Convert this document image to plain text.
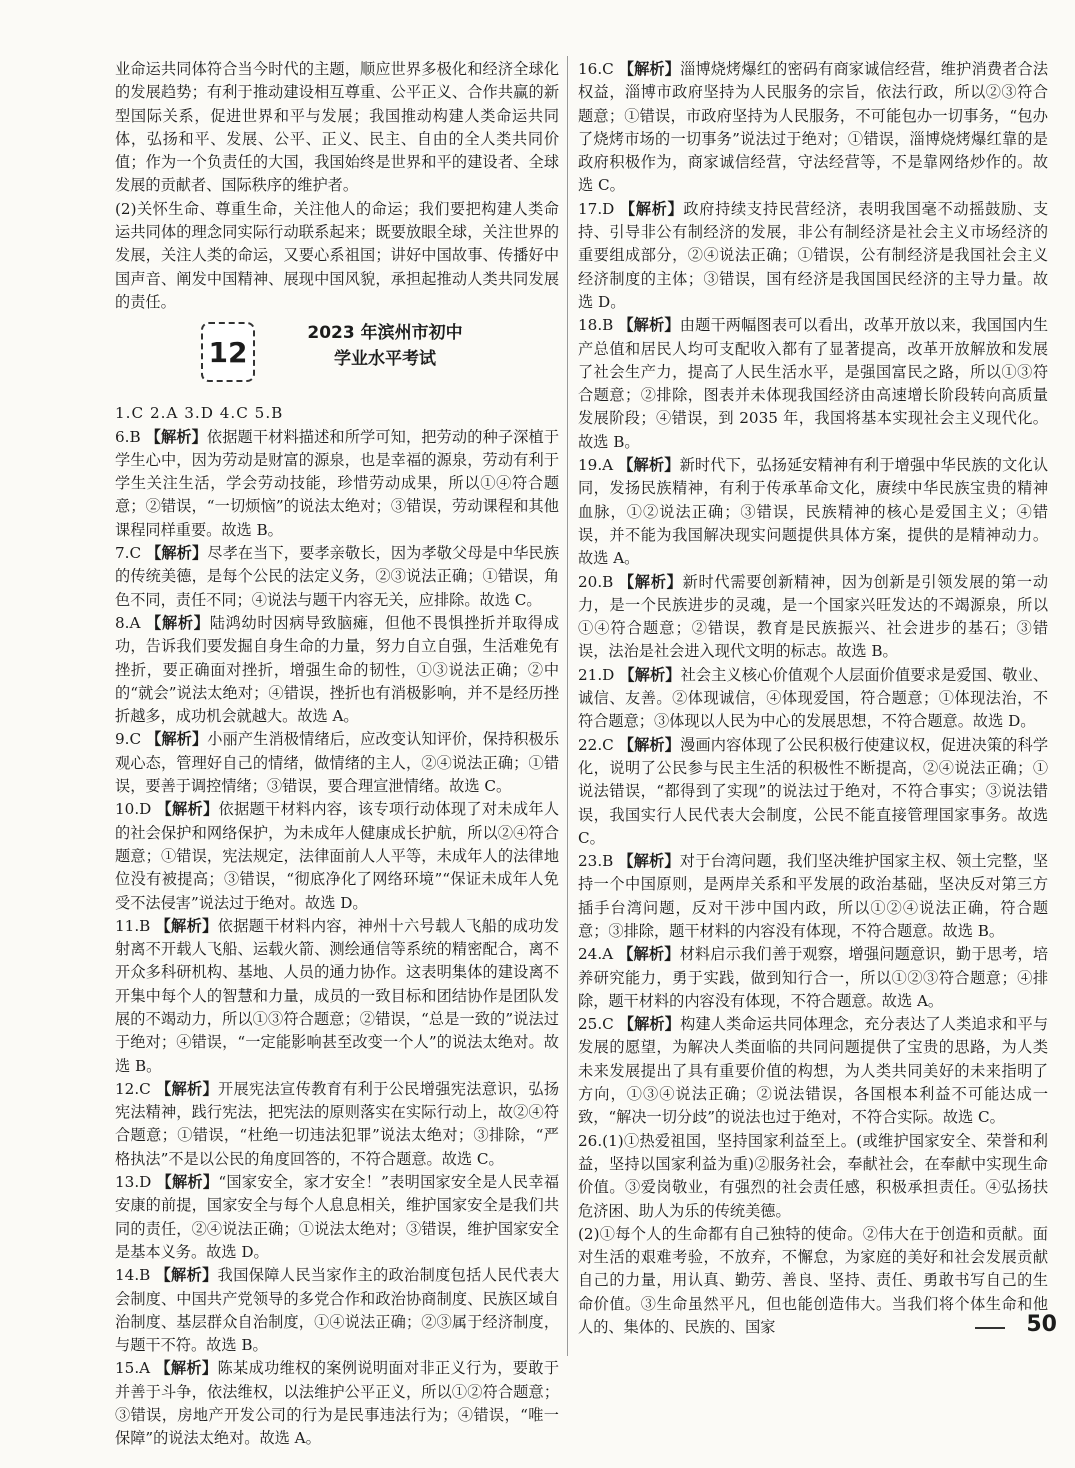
业命运共同体符合当今时代的主题，顺应世界多极化和经济全球化的发展趋势；有利于推动建设相互尊重、公平正义、合作共赢的新型国际关系，促进世界和平与发展；我国推动构建人类命运共同体，弘扬和平、发展、公平、正义、民主、自由的全人类共同价值；作为一个负责任的大国，我国始终是世界和平的建设者、全球发展的贡献者、国际秩序的维护者。

(2)关怀生命、尊重生命，关注他人的命运；我们要把构建人类命运共同体的理念同实际行动联系起来；既要放眼全球，关注世界的发展，关注人类的命运，又要心系祖国；讲好中国故事、传播好中国声音、阐发中国精神、展现中国风貌，承担起推动人类共同发展的责任。

12
2023 年滨州市初中
学业水平考试

1.C 2.A 3.D 4.C 5.B

6.B 【解析】依据题干材料描述和所学可知，把劳动的种子深植于学生心中，因为劳动是财富的源泉，也是幸福的源泉，劳动有利于学生关注生活，学会劳动技能，珍惜劳动成果，所以①④符合题意；②错误，“一切烦恼”的说法太绝对；③错误，劳动课程和其他课程同样重要。故选 B。

7.C 【解析】尽孝在当下，要孝亲敬长，因为孝敬父母是中华民族的传统美德，是每个公民的法定义务，②③说法正确；①错误，角色不同，责任不同；④说法与题干内容无关，应排除。故选 C。

8.A 【解析】陆鸿幼时因病导致脑瘫，但他不畏惧挫折并取得成功，告诉我们要发掘自身生命的力量，努力自立自强，生活难免有挫折，要正确面对挫折，增强生命的韧性，①③说法正确；②中的“就会”说法太绝对；④错误，挫折也有消极影响，并不是经历挫折越多，成功机会就越大。故选 A。

9.C 【解析】小丽产生消极情绪后，应改变认知评价，保持积极乐观心态，管理好自己的情绪，做情绪的主人，②④说法正确；①错误，要善于调控情绪；③错误，要合理宣泄情绪。故选 C。

10.D 【解析】依据题干材料内容，该专项行动体现了对未成年人的社会保护和网络保护，为未成年人健康成长护航，所以②④符合题意；①错误，宪法规定，法律面前人人平等，未成年人的法律地位没有被提高；③错误，“彻底净化了网络环境”“保证未成年人免受不法侵害”说法过于绝对。故选 D。

11.B 【解析】依据题干材料内容，神州十六号载人飞船的成功发射离不开载人飞船、运载火箭、测绘通信等系统的精密配合，离不开众多科研机构、基地、人员的通力协作。这表明集体的建设离不开集中每个人的智慧和力量，成员的一致目标和团结协作是团队发展的不竭动力，所以①③符合题意；②错误，“总是一致的”说法过于绝对；④错误，“一定能影响甚至改变一个人”的说法太绝对。故选 B。

12.C 【解析】开展宪法宣传教育有利于公民增强宪法意识，弘扬宪法精神，践行宪法，把宪法的原则落实在实际行动上，故②④符合题意；①错误，“杜绝一切违法犯罪”说法太绝对；③排除，“严格执法”不是以公民的角度回答的，不符合题意。故选 C。

13.D 【解析】“国家安全，家才安全！”表明国家安全是人民幸福安康的前提，国家安全与每个人息息相关，维护国家安全是我们共同的责任，②④说法正确；①说法太绝对；③错误，维护国家安全是基本义务。故选 D。

14.B 【解析】我国保障人民当家作主的政治制度包括人民代表大会制度、中国共产党领导的多党合作和政治协商制度、民族区域自治制度、基层群众自治制度，①④说法正确；②③属于经济制度，与题干不符。故选 B。

15.A 【解析】陈某成功维权的案例说明面对非正义行为，要敢于并善于斗争，依法维权，以法维护公平正义，所以①②符合题意；③错误，房地产开发公司的行为是民事违法行为；④错误，“唯一保障”的说法太绝对。故选 A。

16.C 【解析】淄博烧烤爆红的密码有商家诚信经营，维护消费者合法权益，淄博市政府坚持为人民服务的宗旨，依法行政，所以②③符合题意；①错误，市政府坚持为人民服务，不可能包办一切事务，“包办了烧烤市场的一切事务”说法过于绝对；①错误，淄博烧烤爆红靠的是政府积极作为，商家诚信经营，守法经营等，不是靠网络炒作的。故选 C。

17.D 【解析】政府持续支持民营经济，表明我国毫不动摇鼓励、支持、引导非公有制经济的发展，非公有制经济是社会主义市场经济的重要组成部分，②④说法正确；①错误，公有制经济是我国社会主义经济制度的主体；③错误，国有经济是我国国民经济的主导力量。故选 D。

18.B 【解析】由题干两幅图表可以看出，改革开放以来，我国国内生产总值和居民人均可支配收入都有了显著提高，改革开放解放和发展了社会生产力，提高了人民生活水平，是强国富民之路，所以①③符合题意；②排除，图表并未体现我国经济由高速增长阶段转向高质量发展阶段；④错误，到 2035 年，我国将基本实现社会主义现代化。故选 B。

19.A 【解析】新时代下，弘扬延安精神有利于增强中华民族的文化认同，发扬民族精神，有利于传承革命文化，赓续中华民族宝贵的精神血脉，①②说法正确；③错误，民族精神的核心是爱国主义；④错误，并不能为我国解决现实问题提供具体方案，提供的是精神动力。故选 A。

20.B 【解析】新时代需要创新精神，因为创新是引领发展的第一动力，是一个民族进步的灵魂，是一个国家兴旺发达的不竭源泉，所以①④符合题意；②错误，教育是民族振兴、社会进步的基石；③错误，法治是社会进入现代文明的标志。故选 B。

21.D 【解析】社会主义核心价值观个人层面价值要求是爱国、敬业、诚信、友善。②体现诚信，④体现爱国，符合题意；①体现法治，不符合题意；③体现以人民为中心的发展思想，不符合题意。故选 D。

22.C 【解析】漫画内容体现了公民积极行使建议权，促进决策的科学化，说明了公民参与民主生活的积极性不断提高，②④说法正确；①说法错误，“都得到了实现”的说法过于绝对，不符合事实；③说法错误，我国实行人民代表大会制度，公民不能直接管理国家事务。故选 C。

23.B 【解析】对于台湾问题，我们坚决维护国家主权、领土完整，坚持一个中国原则，是两岸关系和平发展的政治基础，坚决反对第三方插手台湾问题，反对干涉中国内政，所以①②④说法正确，符合题意；③排除，题干材料的内容没有体现，不符合题意。故选 B。

24.A 【解析】材料启示我们善于观察，增强问题意识，勤于思考，培养研究能力，勇于实践，做到知行合一，所以①②③符合题意；④排除，题干材料的内容没有体现，不符合题意。故选 A。

25.C 【解析】构建人类命运共同体理念，充分表达了人类追求和平与发展的愿望，为解决人类面临的共同问题提供了宝贵的思路，为人类未来发展提出了具有重要价值的构想，为人类共同美好的未来指明了方向，①③④说法正确；②说法错误，各国根本利益不可能达成一致，“解决一切分歧”的说法也过于绝对，不符合实际。故选 C。

26.(1)①热爱祖国，坚持国家利益至上。(或维护国家安全、荣誉和利益，坚持以国家利益为重)②服务社会，奉献社会，在奉献中实现生命价值。③爱岗敬业，有强烈的社会责任感，积极承担责任。④弘扬扶危济困、助人为乐的传统美德。

(2)①每个人的生命都有自己独特的使命。②伟大在于创造和贡献。面对生活的艰难考验，不放弃，不懈怠，为家庭的美好和社会发展贡献自己的力量，用认真、勤劳、善良、坚持、责任、勇敢书写自己的生命价值。③生命虽然平凡，但也能创造伟大。当我们将个体生命和他人的、集体的、民族的、国家	50
